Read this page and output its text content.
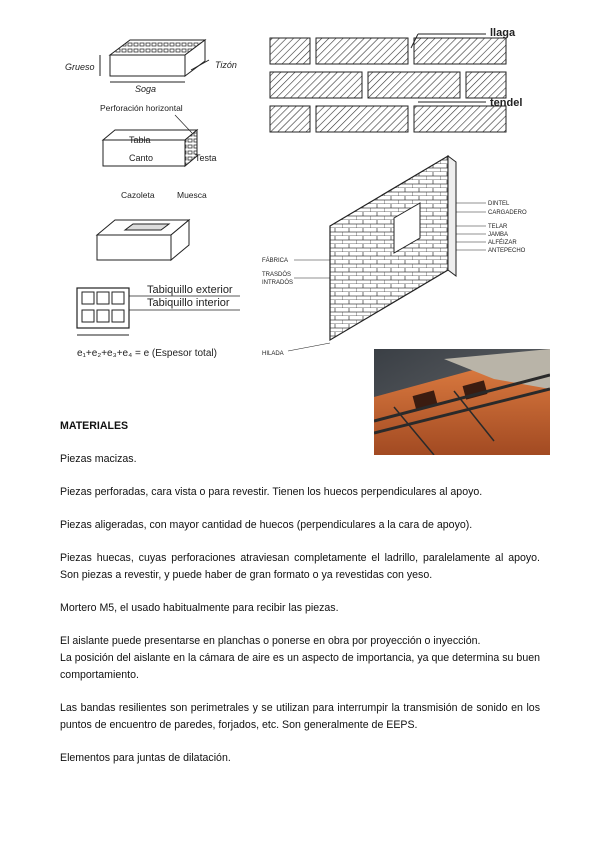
Grueso	Tizón
Soga
Perforación horizontal
Tabla
Canto	Testa
Cazoleta	Muesca
Tabiquillo exterior
Tabiquillo interior
e₁+e₂+e₃+e₄ = e (Espesor total)
llaga
tendel
DINTEL
CARGADERO
TELAR
JAMBA
ALFÉIZAR
ANTEPECHO
FÁBRICA
TRASDÓS
INTRADÓS
HILADA
MATERIALES

Piezas macizas.

Piezas perforadas, cara vista o para revestir. Tienen los huecos perpendiculares al apoyo.

Piezas aligeradas, con mayor cantidad de huecos (perpendiculares a la cara de apoyo).

Piezas huecas, cuyas perforaciones atraviesan completamente el ladrillo, paralelamente al apoyo. Son piezas a revestir, y puede haber de gran formato o ya revestidas con yeso.

Mortero M5, el usado habitualmente para recibir las piezas.

El aislante puede presentarse en planchas o ponerse en obra por proyección o inyección.

La posición del aislante en la cámara de aire es un aspecto de importancia, ya que determina su buen comportamiento.

Las bandas resilientes son perimetrales y se utilizan para interrumpir la transmisión de sonido en los puntos de encuentro de paredes, forjados, etc. Son generalmente de EEPS.

Elementos para juntas de dilatación.
